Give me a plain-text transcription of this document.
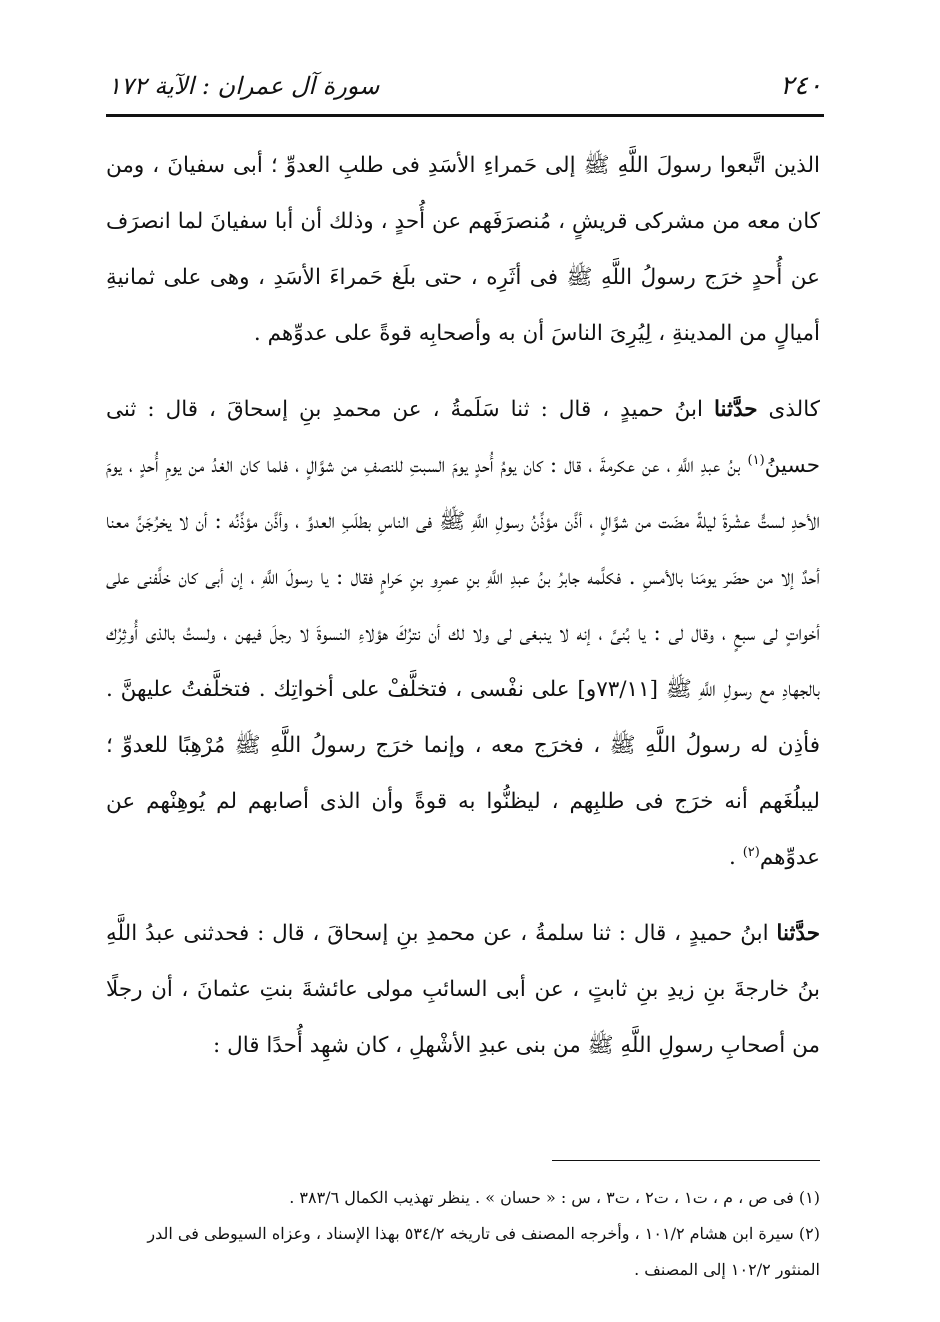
٢٤٠
سورة آل عمران : الآية ١٧٢

الذين اتَّبعوا رسولَ اللَّهِ ﷺ إلى حَمراءِ الأسَدِ فى طلبِ العدوِّ ؛ أبى سفيانَ ، ومن كان معه من مشركى قريشٍ ، مُنصرَفَهم عن أُحدٍ ، وذلك أن أبا سفيانَ لما انصرَف عن أُحدٍ خرَج رسولُ اللَّهِ ﷺ فى أثَرِه ، حتى بلَغ حَمراءَ الأسَدِ ، وهى على ثمانيةِ أميالٍ من المدينةِ ، لِيُرِىَ الناسَ أن به وأصحابِه قوةً على عدوِّهم .

كالذى حدَّثنا ابنُ حميدٍ ، قال : ثنا سَلَمةُ ، عن محمدِ بنِ إسحاقَ ، قال : ثنى حسينُ$^{(١)}$ بنُ عبدِ اللَّهِ ، عن عكرمةَ ، قال : كان يومُ أُحدٍ يومَ السبتِ للنصفِ من شوَّالٍ ، فلما كان الغدُ من يومِ أُحدٍ ، يومَ الأحدِ لستٍّ عشْرةَ ليلةً مضَت من شوَّالٍ ، أذَّن مؤذِّنُ رسولِ اللَّهِ ﷺ فى الناسِ بطلَبِ العدوِّ ، وأذَّن مؤذِّنُه : أن لا يخرُجَنَّ معنا أحدٌ إلا من حضَر يومَنا بالأمسِ . فكلَّمه جابرُ بنُ عبدِ اللَّهِ بنِ عمرِو بنِ حَرامٍ فقال : يا رسولَ اللَّهِ ، إن أبى كان خلَّفنى على أخواتٍ لى سبعٍ ، وقال لى : يا بُنىَّ ، إنه لا ينبغى لى ولا لك أن نترُكَ هؤلاءِ النسوةَ لا رجلَ فيهن ، ولستُ بالذى أُوثِرُك بالجهادِ مع رسولِ اللَّهِ ﷺ [٧٣/١١و] على نفْسى ، فتخلَّفْ على أخواتِك . فتخلَّفتُ عليهنَّ . فأذِن له رسولُ اللَّهِ ﷺ ، فخرَج معه ، وإنما خرَج رسولُ اللَّهِ ﷺ مُرْهِبًا للعدوِّ ؛ ليبلُغَهم أنه خرَج فى طلبِهم ، ليظنُّوا به قوةً وأن الذى أصابهم لم يُوهِنْهم عن عدوِّهم$^{(٢)}$ .

حدَّثنا ابنُ حميدٍ ، قال : ثنا سلمةُ ، عن محمدِ بنِ إسحاقَ ، قال : فحدثنى عبدُ اللَّهِ بنُ خارجةَ بنِ زيدِ بنِ ثابتٍ ، عن أبى السائبِ مولى عائشةَ بنتِ عثمانَ ، أن رجلًا من أصحابِ رسولِ اللَّهِ ﷺ من بنى عبدِ الأشْهلِ ، كان شهِد أُحدًا قال :

(١) فى ص ، م ، ت١ ، ت٢ ، ت٣ ، س : « حسان » . ينظر تهذيب الكمال ٣٨٣/٦ .

(٢) سيرة ابن هشام ١٠١/٢ ، وأخرجه المصنف فى تاريخه ٥٣٤/٢ بهذا الإسناد ، وعزاه السيوطى فى الدر المنثور ١٠٢/٢ إلى المصنف .
